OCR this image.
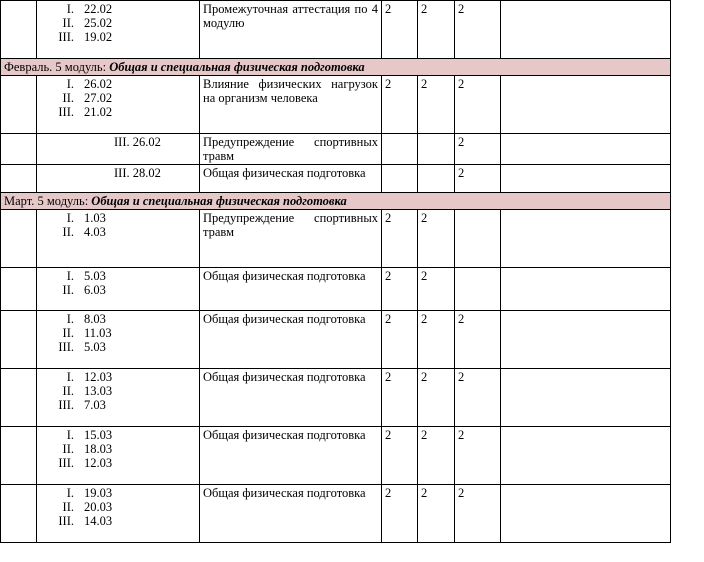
	I. 22.02
II. 25.02
III. 19.02	Промежуточная аттестация по 4 модулю	2	2	2	
Февраль. 5 модуль: Общая и специальная физическая подготовка						

	I. 26.02
II. 27.02
III. 21.02	Влияние физических нагрузок на организм человека	2	2	2	

	III. 26.02	Предупреждение спортивных травм			2	

	III. 28.02	Общая физическая подготовка			2	
Март. 5 модуль: Общая и специальная физическая подготовка						

	I. 1.03
II. 4.03	Предупреждение спортивных травм	2	2		

	I. 5.03
II. 6.03	Общая физическая подготовка	2	2		

	I. 8.03
II. 11.03
III. 5.03	Общая физическая подготовка	2	2	2	

	I. 12.03
II. 13.03
III. 7.03	Общая физическая подготовка	2	2	2	

	I. 15.03
II. 18.03
III. 12.03	Общая физическая подготовка	2	2	2	

	I. 19.03
II. 20.03
III. 14.03	Общая физическая подготовка	2	2	2	
